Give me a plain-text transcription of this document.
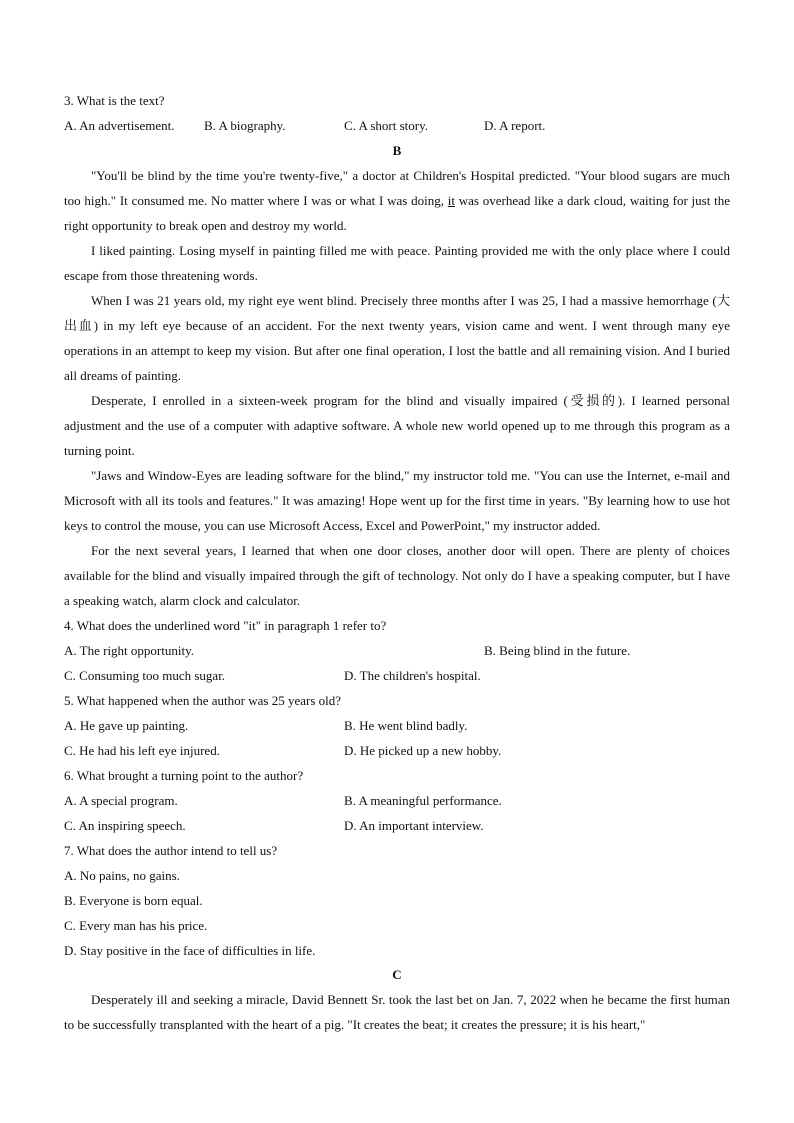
3. What is the text?
A. An advertisement. B. A biography.	C. A short story.	D. A report.
B
"You'll be blind by the time you're twenty-five," a doctor at Children's Hospital predicted. "Your blood sugars are much too high." It consumed me. No matter where I was or what I was doing, it was overhead like a dark cloud, waiting for just the right opportunity to break open and destroy my world.
I liked painting. Losing myself in painting filled me with peace. Painting provided me with the only place where I could escape from those threatening words.
When I was 21 years old, my right eye went blind. Precisely three months after I was 25, I had a massive hemorrhage (大出血) in my left eye because of an accident. For the next twenty years, vision came and went. I went through many eye operations in an attempt to keep my vision. But after one final operation, I lost the battle and all remaining vision. And I buried all dreams of painting.
Desperate, I enrolled in a sixteen-week program for the blind and visually impaired (受损的). I learned personal adjustment and the use of a computer with adaptive software. A whole new world opened up to me through this program as a turning point.
"Jaws and Window-Eyes are leading software for the blind," my instructor told me. "You can use the Internet, e-mail and Microsoft with all its tools and features." It was amazing! Hope went up for the first time in years. "By learning how to use hot keys to control the mouse, you can use Microsoft Access, Excel and PowerPoint," my instructor added.
For the next several years, I learned that when one door closes, another door will open. There are plenty of choices available for the blind and visually impaired through the gift of technology. Not only do I have a speaking computer, but I have a speaking watch, alarm clock and calculator.
4. What does the underlined word "it" in paragraph 1 refer to?
A. The right opportunity.	B. Being blind in the future.
C. Consuming too much sugar.	D. The children's hospital.
5. What happened when the author was 25 years old?
A. He gave up painting.	B. He went blind badly.
C. He had his left eye injured.	D. He picked up a new hobby.
6. What brought a turning point to the author?
A. A special program.	B. A meaningful performance.
C. An inspiring speech.	D. An important interview.
7. What does the author intend to tell us?
A. No pains, no gains.
B. Everyone is born equal.
C. Every man has his price.
D. Stay positive in the face of difficulties in life.
C
Desperately ill and seeking a miracle, David Bennett Sr. took the last bet on Jan. 7, 2022 when he became the first human to be successfully transplanted with the heart of a pig. "It creates the beat; it creates the pressure; it is his heart,"
